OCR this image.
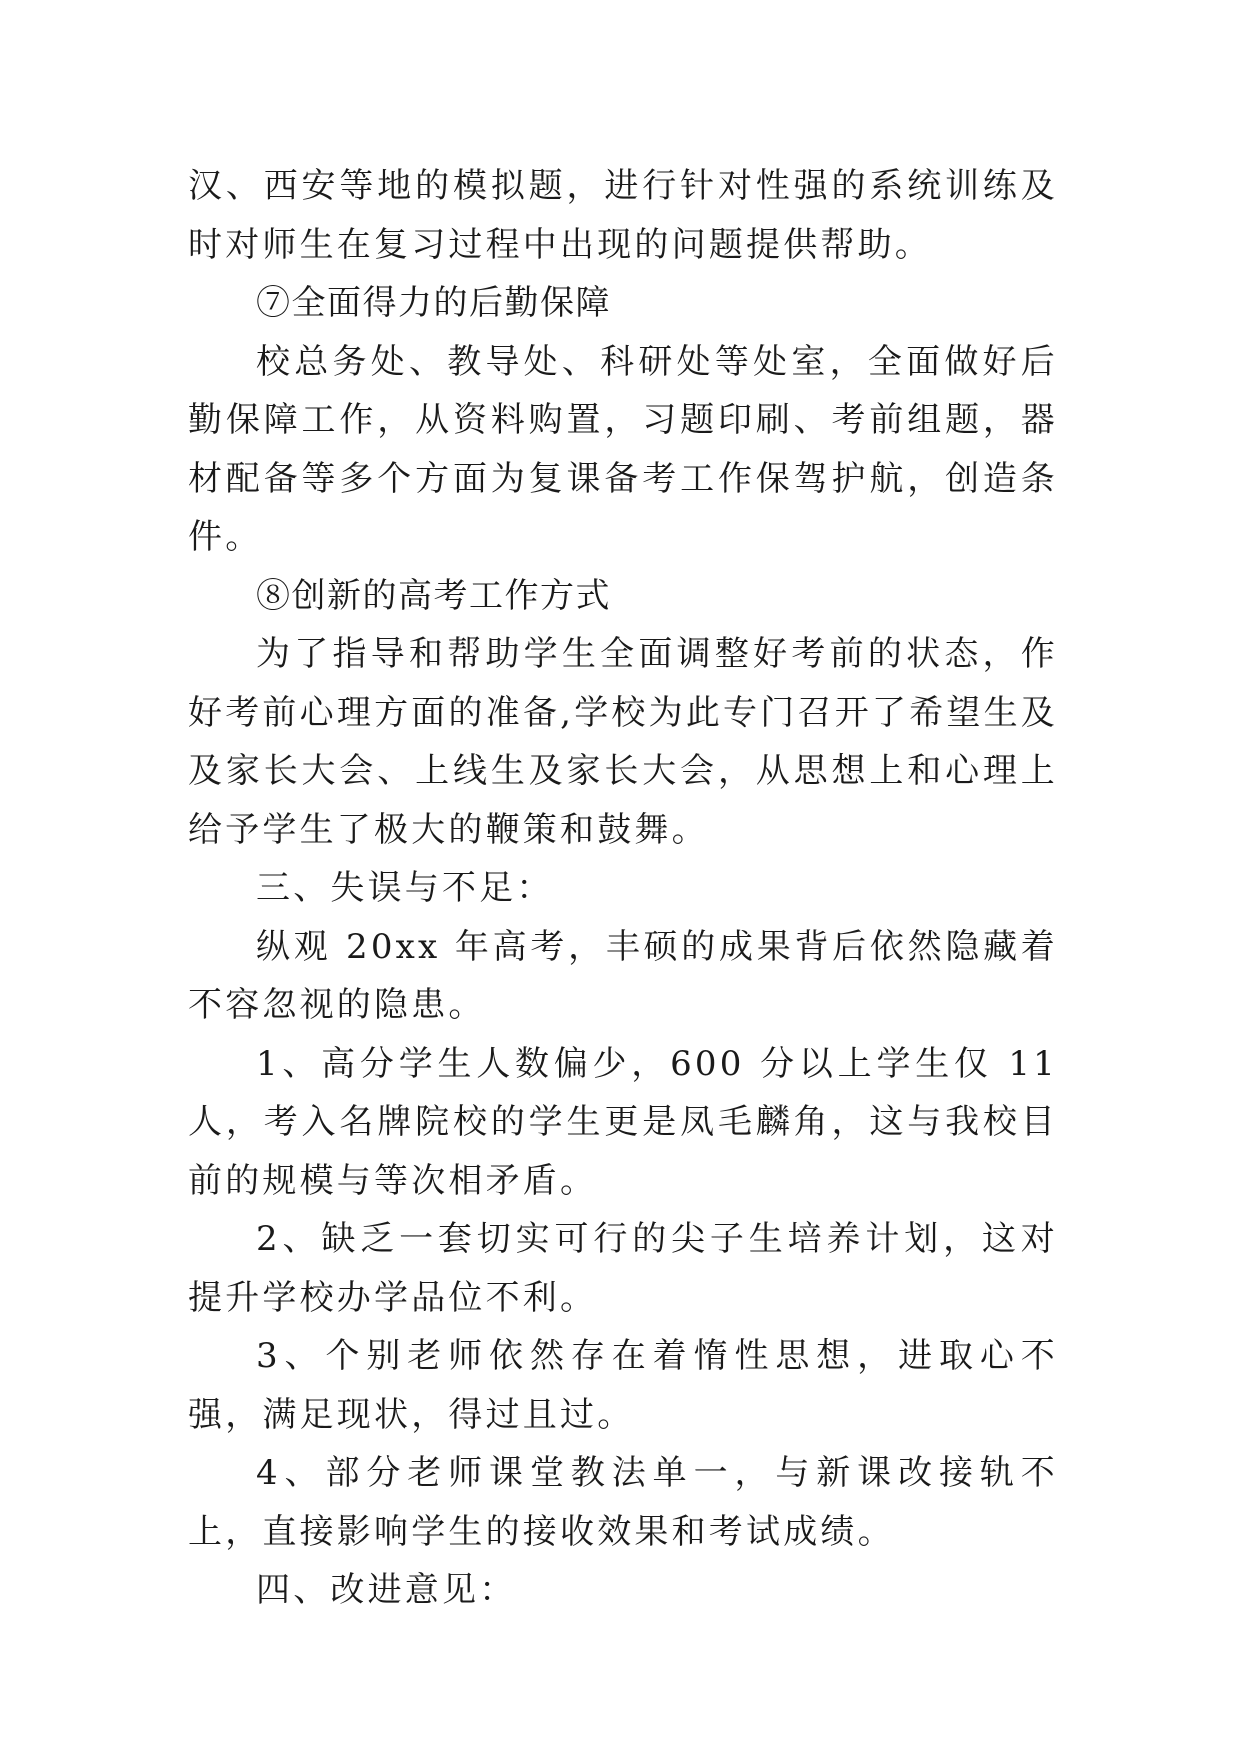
汉、西安等地的模拟题，进行针对性强的系统训练及时对师生在复习过程中出现的问题提供帮助。

⑦全面得力的后勤保障

校总务处、教导处、科研处等处室，全面做好后勤保障工作，从资料购置，习题印刷、考前组题，器材配备等多个方面为复课备考工作保驾护航，创造条件。

⑧创新的高考工作方式

为了指导和帮助学生全面调整好考前的状态，作好考前心理方面的准备,学校为此专门召开了希望生及及家长大会、上线生及家长大会，从思想上和心理上给予学生了极大的鞭策和鼓舞。

三、失误与不足：

纵观 20xx 年高考，丰硕的成果背后依然隐藏着不容忽视的隐患。

1、高分学生人数偏少，600 分以上学生仅 11 人，考入名牌院校的学生更是凤毛麟角，这与我校目前的规模与等次相矛盾。

2、缺乏一套切实可行的尖子生培养计划，这对提升学校办学品位不利。

3、个别老师依然存在着惰性思想，进取心不强，满足现状，得过且过。

4、部分老师课堂教法单一，与新课改接轨不上，直接影响学生的接收效果和考试成绩。

四、改进意见：
